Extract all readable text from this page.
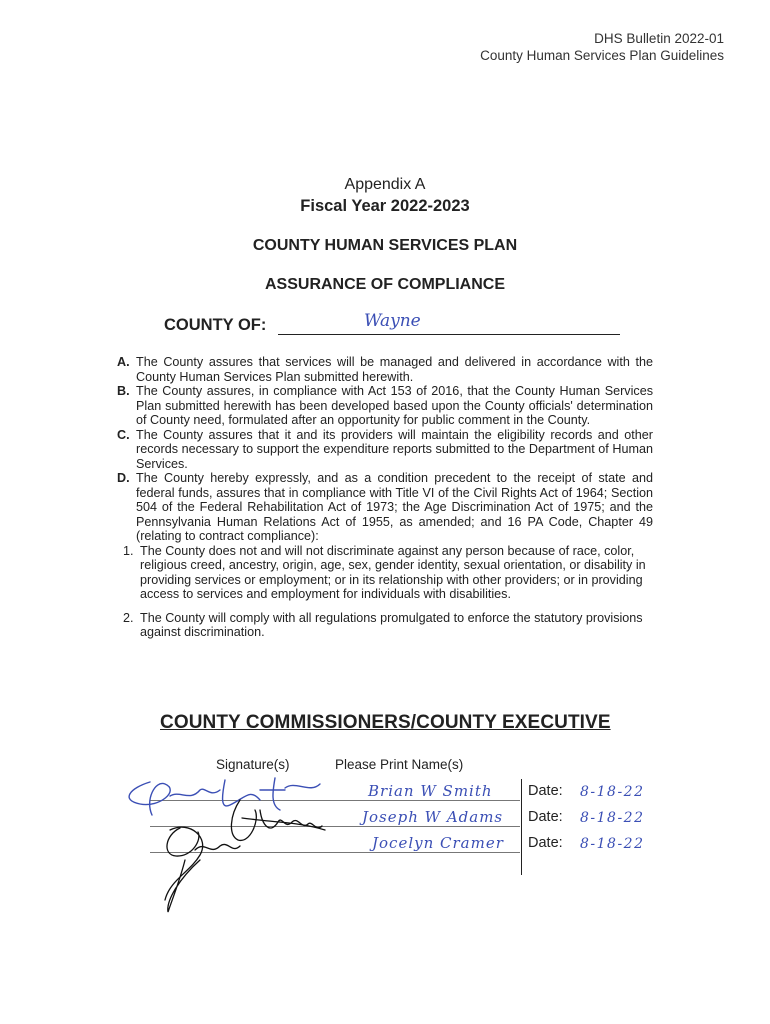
DHS Bulletin 2022-01
County Human Services Plan Guidelines
Appendix A
Fiscal Year 2022-2023
COUNTY HUMAN SERVICES PLAN
ASSURANCE OF COMPLIANCE
COUNTY OF:	Wayne

A. The County assures that services will be managed and delivered in accordance with the County Human Services Plan submitted herewith.

B. The County assures, in compliance with Act 153 of 2016, that the County Human Services Plan submitted herewith has been developed based upon the County officials' determination of County need, formulated after an opportunity for public comment in the County.

C. The County assures that it and its providers will maintain the eligibility records and other records necessary to support the expenditure reports submitted to the Department of Human Services.

D. The County hereby expressly, and as a condition precedent to the receipt of state and federal funds, assures that in compliance with Title VI of the Civil Rights Act of 1964; Section 504 of the Federal Rehabilitation Act of 1973; the Age Discrimination Act of 1975; and the Pennsylvania Human Relations Act of 1955, as amended; and 16 PA Code, Chapter 49 (relating to contract compliance):

1. The County does not and will not discriminate against any person because of race, color, religious creed, ancestry, origin, age, sex, gender identity, sexual orientation, or disability in providing services or employment; or in its relationship with other providers; or in providing access to services and employment for individuals with disabilities.

2. The County will comply with all regulations promulgated to enforce the statutory provisions against discrimination.

COUNTY COMMISSIONERS/COUNTY EXECUTIVE
Signature(s)	Please Print Name(s)
Brian W Smith
Joseph W Adams
Jocelyn Cramer
Date:
Date:
Date:
8-18-22
8-18-22
8-18-22
